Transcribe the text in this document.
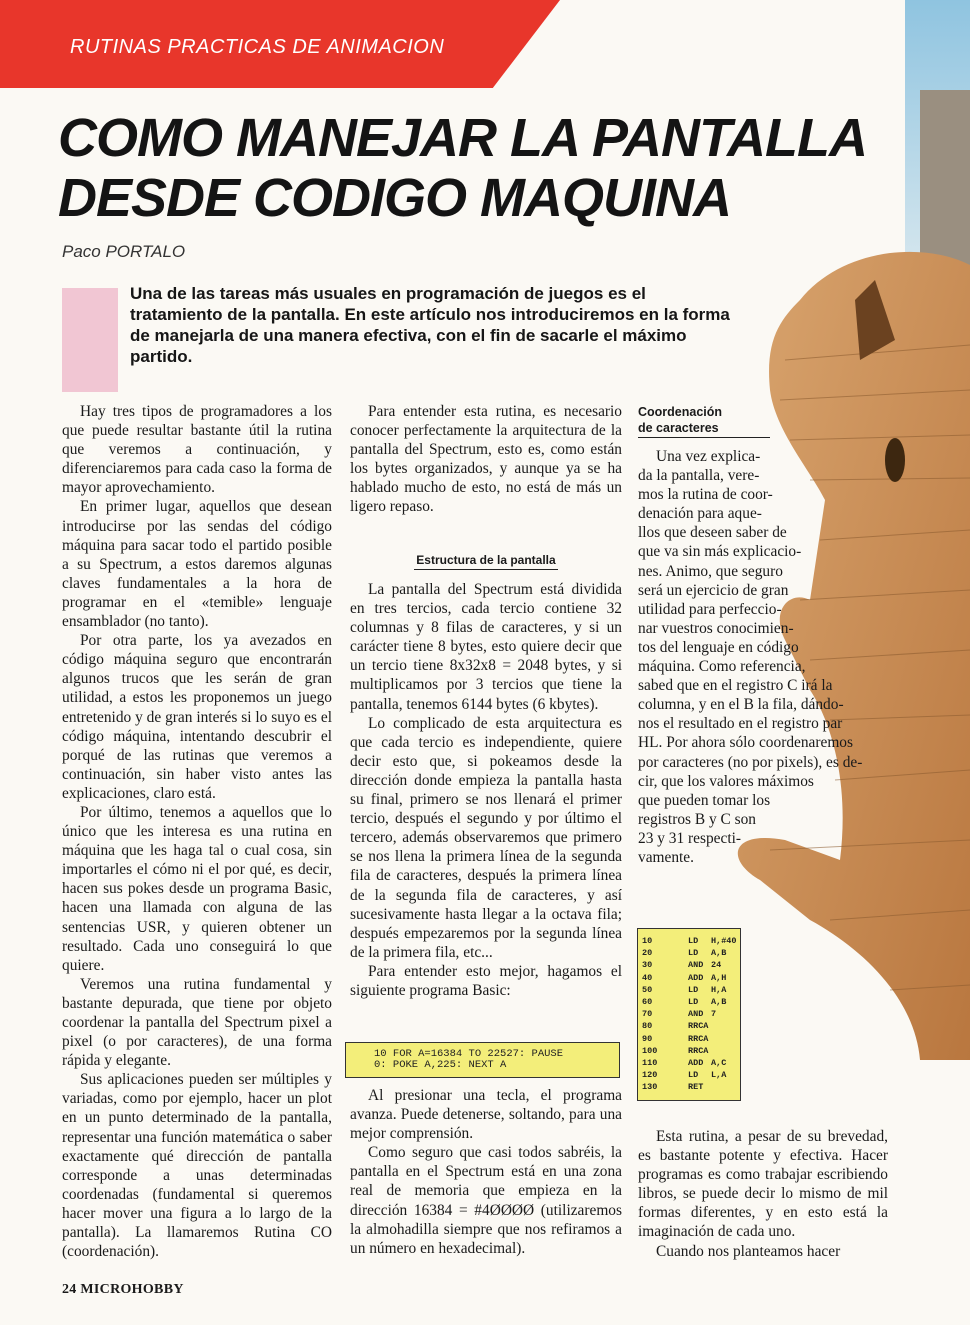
RUTINAS PRACTICAS DE ANIMACION
COMO MANEJAR LA PANTALLA
DESDE CODIGO MAQUINA
Paco PORTALO
Una de las tareas más usuales en programación de juegos es el tratamiento de la pantalla. En este artículo nos introduciremos en la forma de manejarla de una manera efectiva, con el fin de sacarle el máximo partido.

Hay tres tipos de programadores a los que puede resultar bastante útil la rutina que veremos a continuación, y diferenciaremos para cada caso la forma de mayor aprovechamiento.

En primer lugar, aquellos que desean introducirse por las sendas del código máquina para sacar todo el partido posible a su Spectrum, a estos daremos algunas claves fundamentales a la hora de programar en el «temible» lenguaje ensamblador (no tanto).

Por otra parte, los ya avezados en código máquina seguro que encontrarán algunos trucos que les serán de gran utilidad, a estos les proponemos un juego entretenido y de gran interés si lo suyo es el código máquina, intentando descubrir el porqué de las rutinas que veremos a continuación, sin haber visto antes las explicaciones, claro está.

Por último, tenemos a aquellos que lo único que les interesa es una rutina en máquina que les haga tal o cual cosa, sin importarles el cómo ni el por qué, es decir, hacen sus pokes desde un programa Basic, hacen una llamada con alguna de las sentencias USR, y quieren obtener un resultado. Cada uno conseguirá lo que quiere.

Veremos una rutina fundamental y bastante depurada, que tiene por objeto coordenar la pantalla del Spectrum pixel a pixel (o por caracteres), de una forma rápida y elegante.

Sus aplicaciones pueden ser múltiples y variadas, como por ejemplo, hacer un plot en un punto determinado de la pantalla, representar una función matemática o saber exactamente qué dirección de pantalla corresponde a unas determinadas coordenadas (fundamental si queremos hacer mover una figura a lo largo de la pantalla). La llamaremos Rutina CO (coordenación).

Para entender esta rutina, es necesario conocer perfectamente la arquitectura de la pantalla del Spectrum, esto es, como están los bytes organizados, y aunque ya se ha hablado mucho de esto, no está de más un ligero repaso.

Estructura de la pantalla

La pantalla del Spectrum está dividida en tres tercios, cada tercio contiene 32 columnas y 8 filas de caracteres, y si un carácter tiene 8 bytes, esto quiere decir que un tercio tiene 8x32x8 = 2048 bytes, y si multiplicamos por 3 tercios que tiene la pantalla, tenemos 6144 bytes (6 kbytes).

Lo complicado de esta arquitectura es que cada tercio es independiente, quiere decir esto que, si pokeamos desde la dirección donde empieza la pantalla hasta su final, primero se nos llenará el primer tercio, después el segundo y por último el tercero, además observaremos que primero se nos llena la primera línea de la segunda fila de caracteres, después la primera línea de la segunda fila de caracteres, y así sucesivamente hasta llegar a la octava fila; después empezaremos por la segunda línea de la primera fila, etc...

Para entender esto mejor, hagamos el siguiente programa Basic:

10 FOR A=16384 TO 22527: PAUSE
0: POKE A,225: NEXT A

Al presionar una tecla, el programa avanza. Puede detenerse, soltando, para una mejor comprensión.

Como seguro que casi todos sabréis, la pantalla en el Spectrum está en una zona real de memoria que empieza en la dirección 16384 = #4ØØØØ (utilizaremos la almohadilla siempre que nos refiramos a un número en hexadecimal).

Coordenación
de caracteres
Una vez explica-
da la pantalla, vere-
mos la rutina de coor-
denación para aque-
llos que deseen saber de
que va sin más explicacio-
nes. Animo, que seguro
será un ejercicio de gran
utilidad para perfeccio-
nar vuestros conocimien-
tos del lenguaje en código
máquina. Como referencia,
sabed que en el registro C irá la
columna, y en el B la fila, dándo-
nos el resultado en el registro par
HL. Por ahora sólo coordenaremos
por caracteres (no por pixels), es de-
cir, que los valores máximos
que pueden tomar los
registros B y C son
23 y 31 respecti-
vamente.
10	LD	H,#40
20	LD	A,B
30	AND 24
40	ADD A,H
50	LD	H,A
60	LD	A,B
70	AND 7
80	RRCA
90	RRCA
100	RRCA
110	ADD A,C
120	LD	L,A
130	RET

Esta rutina, a pesar de su brevedad, es bastante potente y efectiva. Hacer programas es como trabajar escribiendo libros, se puede decir lo mismo de mil formas diferentes, y en esto está la imaginación de cada uno.

Cuando nos planteamos hacer

24 MICROHOBBY
